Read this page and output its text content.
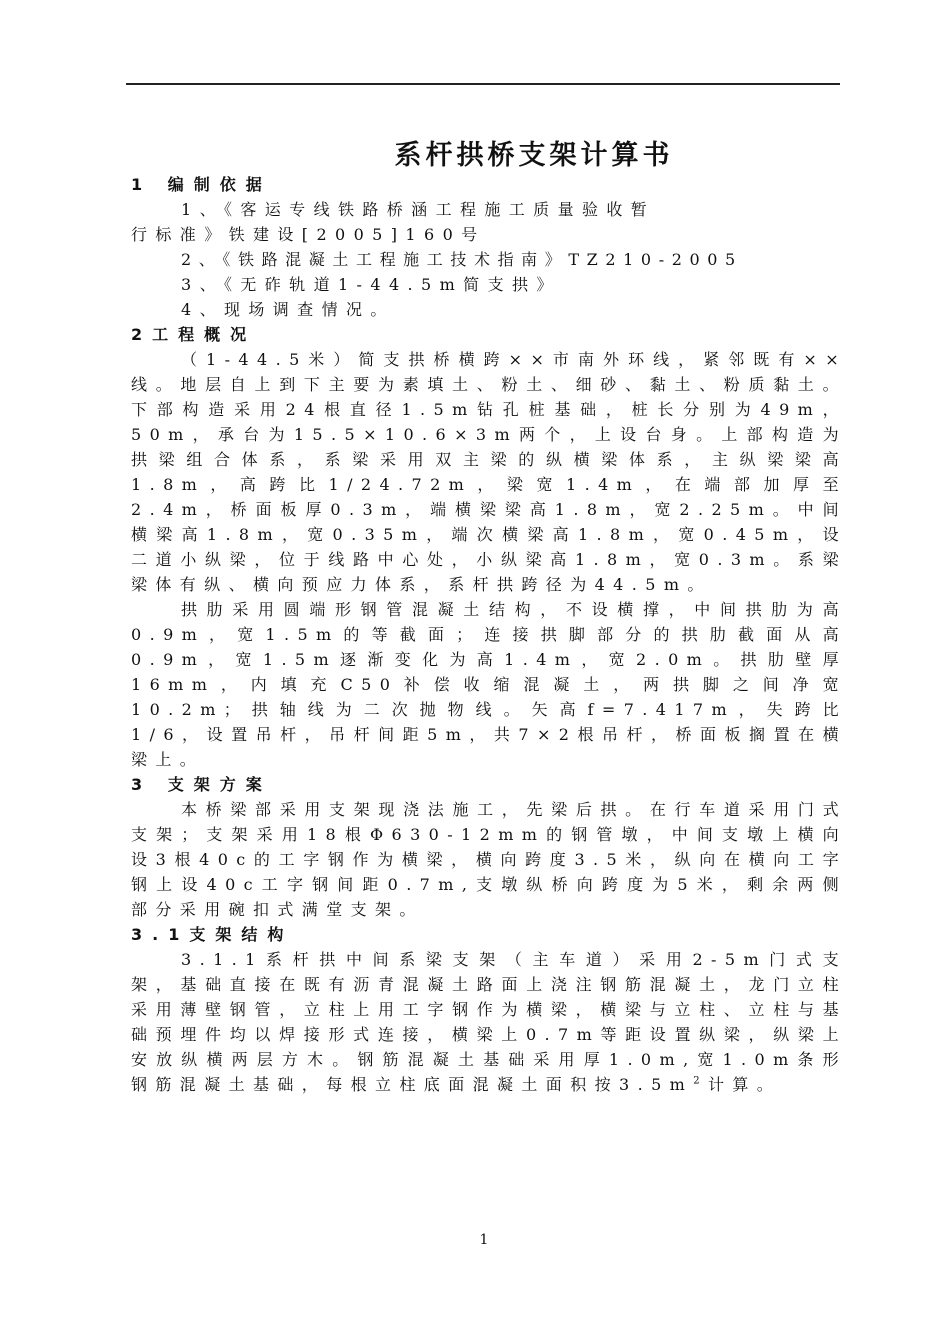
系杆拱桥支架计算书
1 编制依据
1、《客运专线铁路桥涵工程施工质量验收暂
行标准》铁建设[2005]160号
2、《铁路混凝土工程施工技术指南》TZ210-2005
3、《无砟轨道1-44.5m简支拱》
4、现场调查情况。
2工程概况
（1-44.5米）简支拱桥横跨××市南外环线，紧邻既有××线。地层自上到下主要为素填土、粉土、细砂、黏土、粉质黏土。下部构造采用24根直径1.5m钻孔桩基础，桩长分别为49m，50m，承台为15.5×10.6×3m两个，上设台身。上部构造为拱梁组合体系，系梁采用双主梁的纵横梁体系，主纵梁梁高1.8m，高跨比1/24.72m，梁宽1.4m，在端部加厚至2.4m，桥面板厚0.3m，端横梁梁高1.8m，宽2.25m。中间横梁高1.8m，宽0.35m，端次横梁高1.8m，宽0.45m，设二道小纵梁，位于线路中心处，小纵梁高1.8m，宽0.3m。系梁梁体有纵、横向预应力体系，系杆拱跨径为44.5m。
拱肋采用圆端形钢管混凝土结构，不设横撑，中间拱肋为高0.9m，宽1.5m的等截面；连接拱脚部分的拱肋截面从高0.9m，宽1.5m逐渐变化为高1.4m，宽2.0m。拱肋壁厚16mm，内填充C50补偿收缩混凝土，两拱脚之间净宽10.2m；拱轴线为二次抛物线。矢高f=7.417m，失跨比1/6，设置吊杆，吊杆间距5m，共7×2根吊杆，桥面板搁置在横梁上。
3 支架方案
本桥梁部采用支架现浇法施工，先梁后拱。在行车道采用门式支架；支架采用18根Φ630-12mm的钢管墩，中间支墩上横向设3根40c的工字钢作为横梁，横向跨度3.5米，纵向在横向工字钢上设40c工字钢间距0.7m,支墩纵桥向跨度为5米，剩余两侧部分采用碗扣式满堂支架。
3.1支架结构
3.1.1系杆拱中间系梁支架（主车道）采用2-5m门式支架，基础直接在既有沥青混凝土路面上浇注钢筋混凝土，龙门立柱采用薄壁钢管，立柱上用工字钢作为横梁，横梁与立柱、立柱与基础预埋件均以焊接形式连接，横梁上0.7m等距设置纵梁，纵梁上安放纵横两层方木。钢筋混凝土基础采用厚1.0m,宽1.0m条形钢筋混凝土基础，每根立柱底面混凝土面积按$3.5m^2$计算。
1
